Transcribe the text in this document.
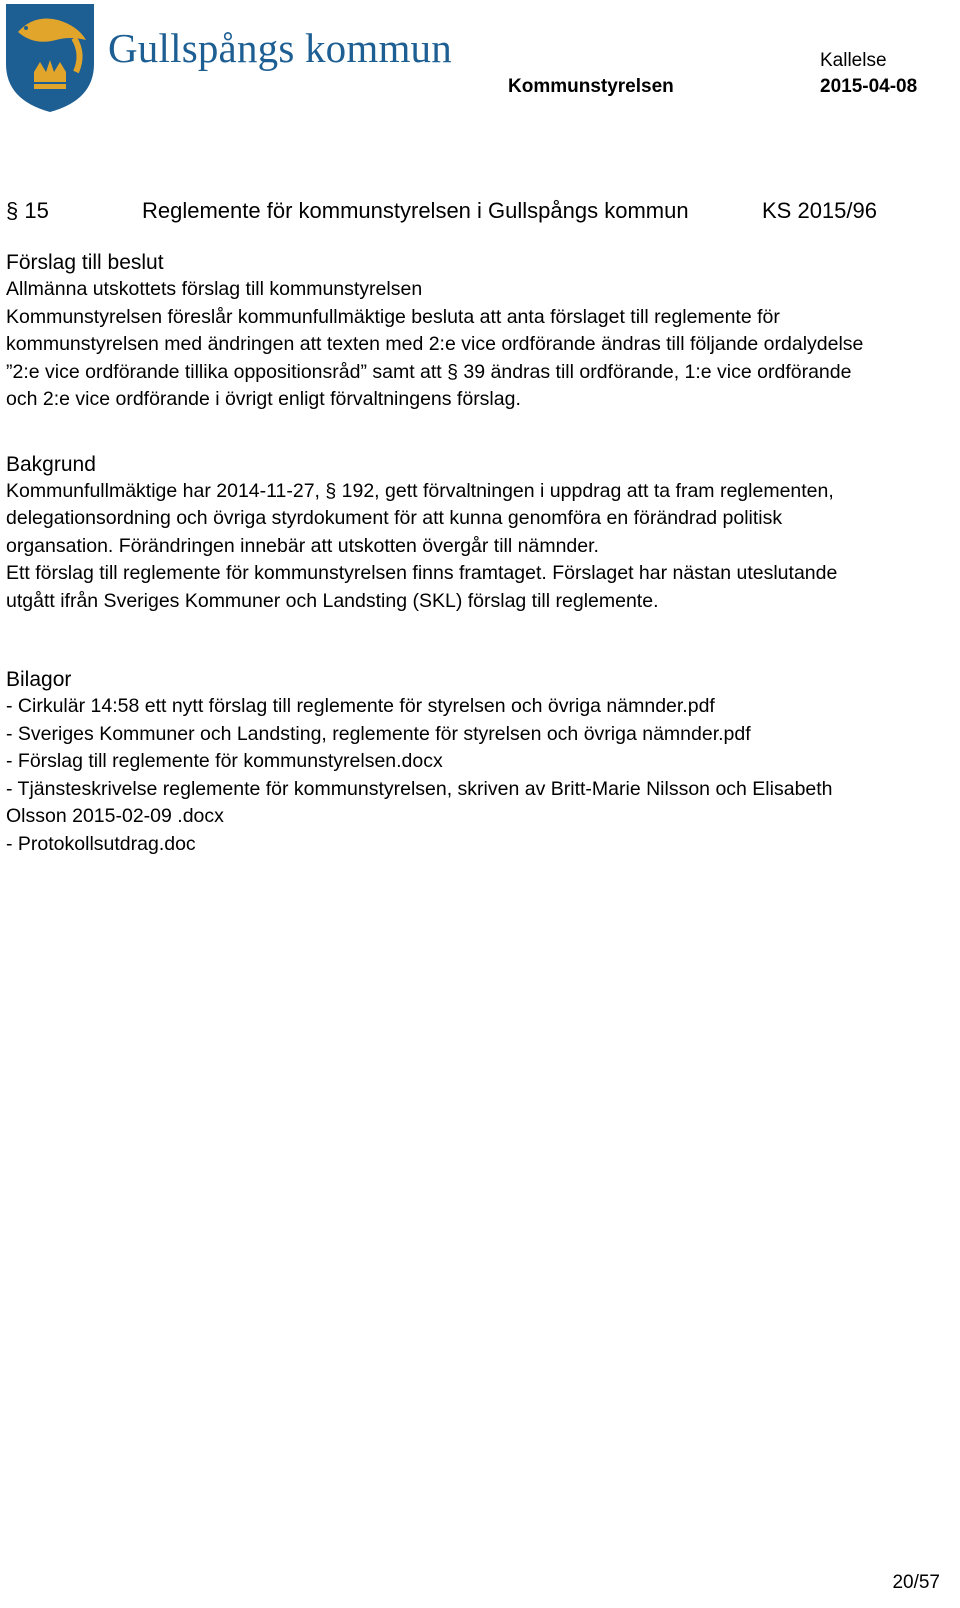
Gullspångs kommun	Kallelse
Kommunstyrelsen	2015-04-08
§ 15	Reglemente för kommunstyrelsen i Gullspångs kommun	KS 2015/96

Förslag till beslut

Allmänna utskottets förslag till kommunstyrelsen

Kommunstyrelsen föreslår kommunfullmäktige besluta att anta förslaget till reglemente för

kommunstyrelsen med ändringen att texten med 2:e vice ordförande ändras till följande ordalydelse

”2:e vice ordförande tillika oppositionsråd” samt att § 39 ändras till ordförande, 1:e vice ordförande

och 2:e vice ordförande i övrigt enligt förvaltningens förslag.

Bakgrund

Kommunfullmäktige har 2014-11-27, § 192, gett förvaltningen i uppdrag att ta fram reglementen,

delegationsordning och övriga styrdokument för att kunna genomföra en förändrad politisk

organsation. Förändringen innebär att utskotten övergår till nämnder.

Ett förslag till reglemente för kommunstyrelsen finns framtaget. Förslaget har nästan uteslutande

utgått ifrån Sveriges Kommuner och Landsting (SKL) förslag till reglemente.

Bilagor

- Cirkulär 14:58 ett nytt förslag till reglemente för styrelsen och övriga nämnder.pdf

- Sveriges Kommuner och Landsting, reglemente för styrelsen och övriga nämnder.pdf

- Förslag till reglemente för kommunstyrelsen.docx

- Tjänsteskrivelse reglemente för kommunstyrelsen, skriven av Britt-Marie Nilsson och Elisabeth

Olsson 2015-02-09 .docx

- Protokollsutdrag.doc

20/57
